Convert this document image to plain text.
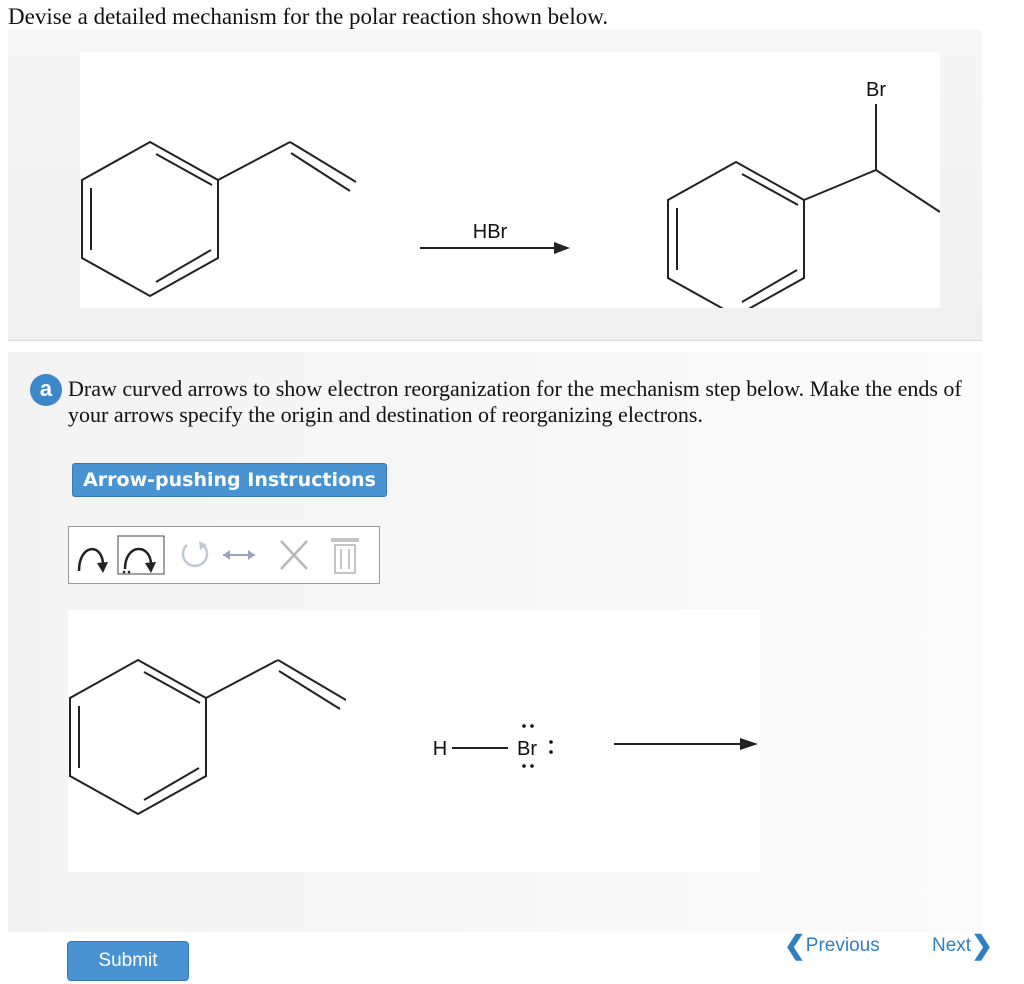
Devise a detailed mechanism for the polar reaction shown below.
HBr
Br
a Draw curved arrows to show electron reorganization for the mechanism step below. Make the ends of your arrows specify the origin and destination of reorganizing electrons.
Arrow-pushing Instructions
H	Br
❮Previous	Next❯
Submit
